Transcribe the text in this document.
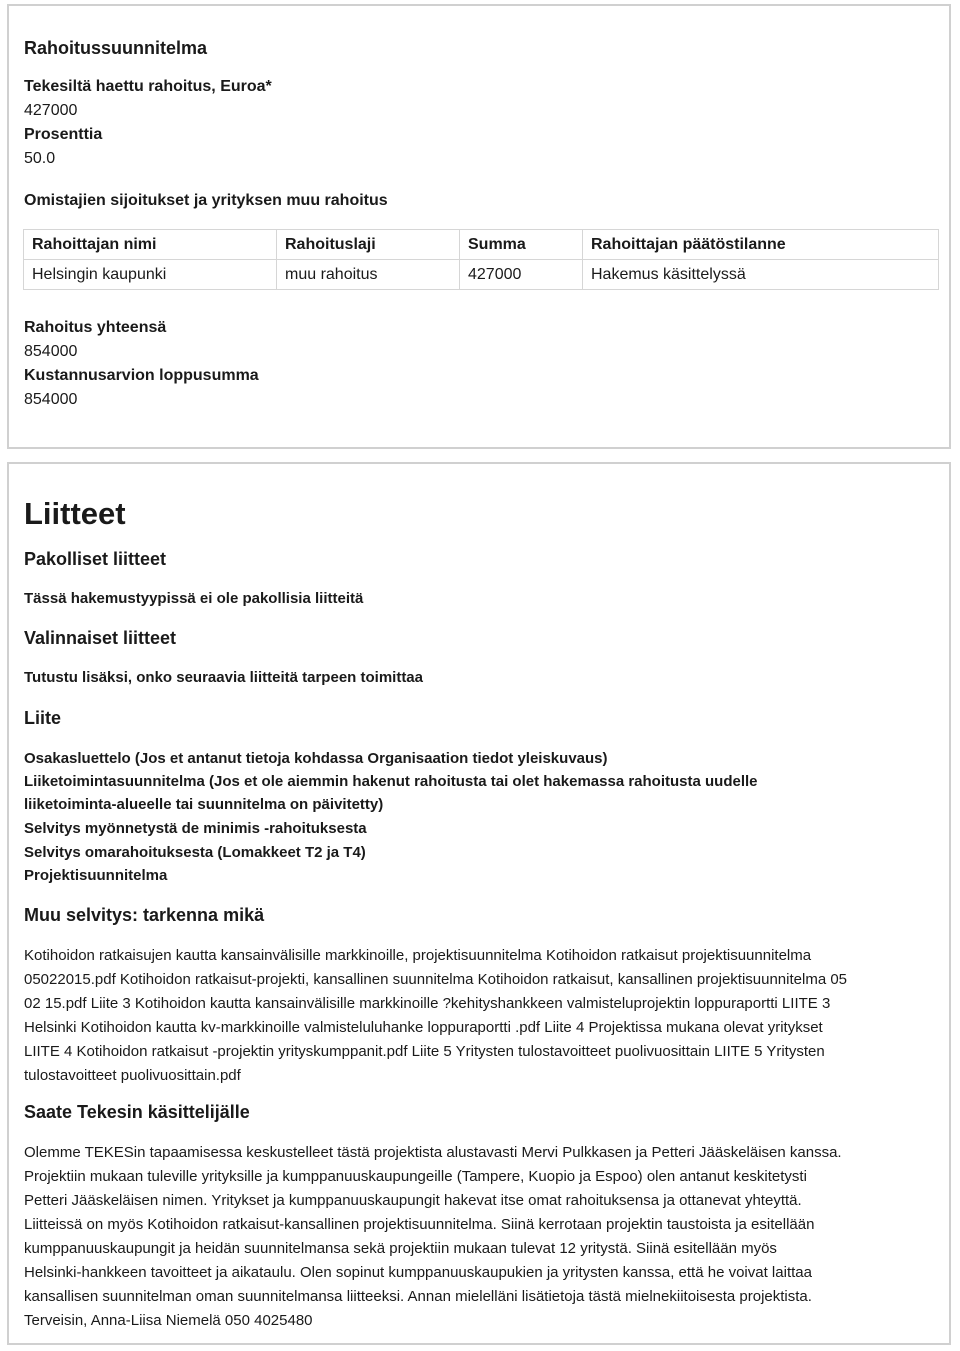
Rahoitussuunnitelma

Tekesiltä haettu rahoitus, Euroa*

427000

Prosenttia

50.0

Omistajien sijoitukset ja yrityksen muu rahoitus

Rahoittajan nimi	Rahoituslaji	Summa	Rahoittajan päätöstilanne
Helsingin kaupunki	muu rahoitus	427000	Hakemus käsittelyssä

Rahoitus yhteensä

854000

Kustannusarvion loppusumma

854000

Liitteet

Pakolliset liitteet

Tässä hakemustyypissä ei ole pakollisia liitteitä

Valinnaiset liitteet

Tutustu lisäksi, onko seuraavia liitteitä tarpeen toimittaa

Liite

Osakasluettelo (Jos et antanut tietoja kohdassa Organisaation tiedot yleiskuvaus)

Liiketoimintasuunnitelma (Jos et ole aiemmin hakenut rahoitusta tai olet hakemassa rahoitusta uudelle

liiketoiminta-alueelle tai suunnitelma on päivitetty)

Selvitys myönnetystä de minimis -rahoituksesta

Selvitys omarahoituksesta (Lomakkeet T2 ja T4)

Projektisuunnitelma

Muu selvitys: tarkenna mikä

Kotihoidon ratkaisujen kautta kansainvälisille markkinoille, projektisuunnitelma Kotihoidon ratkaisut projektisuunnitelma
05022015.pdf Kotihoidon ratkaisut-projekti, kansallinen suunnitelma Kotihoidon ratkaisut, kansallinen projektisuunnitelma 05
02 15.pdf Liite 3 Kotihoidon kautta kansainvälisille markkinoille ?kehityshankkeen valmisteluprojektin loppuraportti LIITE 3
Helsinki Kotihoidon kautta kv-markkinoille valmisteluluhanke loppuraportti .pdf Liite 4 Projektissa mukana olevat yritykset
LIITE 4 Kotihoidon ratkaisut -projektin yrityskumppanit.pdf Liite 5 Yritysten tulostavoitteet puolivuosittain LIITE 5 Yritysten
tulostavoitteet puolivuosittain.pdf

Saate Tekesin käsittelijälle

Olemme TEKESin tapaamisessa keskustelleet tästä projektista alustavasti Mervi Pulkkasen ja Petteri Jääskeläisen kanssa.
Projektiin mukaan tuleville yrityksille ja kumppanuuskaupungeille (Tampere, Kuopio ja Espoo) olen antanut keskitetysti
Petteri Jääskeläisen nimen. Yritykset ja kumppanuuskaupungit hakevat itse omat rahoituksensa ja ottanevat yhteyttä.
Liitteissä on myös Kotihoidon ratkaisut-kansallinen projektisuunnitelma. Siinä kerrotaan projektin taustoista ja esitellään
kumppanuuskaupungit ja heidän suunnitelmansa sekä projektiin mukaan tulevat 12 yritystä. Siinä esitellään myös
Helsinki-hankkeen tavoitteet ja aikataulu. Olen sopinut kumppanuuskaupukien ja yritysten kanssa, että he voivat laittaa
kansallisen suunnitelman oman suunnitelmansa liitteeksi. Annan mielelläni lisätietoja tästä mielnekiitoisesta projektista.
Terveisin, Anna-Liisa Niemelä 050 4025480
